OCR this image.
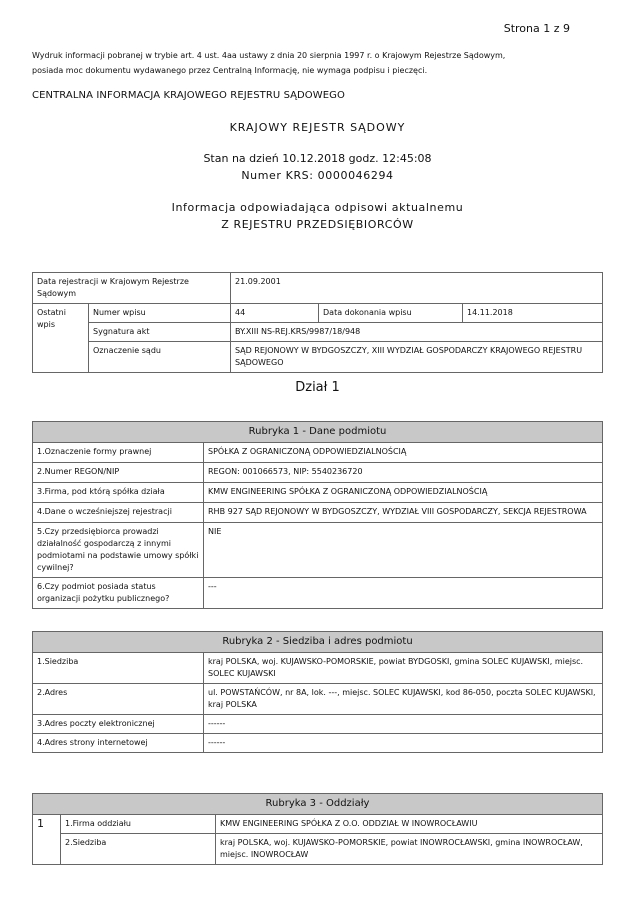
Strona 1 z 9
Wydruk informacji pobranej w trybie art. 4 ust. 4aa ustawy z dnia 20 sierpnia 1997 r. o Krajowym Rejestrze Sądowym,
posiada moc dokumentu wydawanego przez Centralną Informację, nie wymaga podpisu i pieczęci.
CENTRALNA INFORMACJA KRAJOWEGO REJESTRU SĄDOWEGO
KRAJOWY REJESTR SĄDOWY
Stan na dzień 10.12.2018 godz. 12:45:08
Numer KRS: 0000046294
Informacja odpowiadająca odpisowi aktualnemu
Z REJESTRU PRZEDSIĘBIORCÓW
Data rejestracji w Krajowym Rejestrze Sądowym		21.09.2001		
Ostatni wpis	Numer wpisu	44	Data dokonania wpisu	14.11.2018
	Sygnatura akt	BY.XIII NS-REJ.KRS/9987/18/948		
	Oznaczenie sądu	SĄD REJONOWY W BYDGOSZCZY, XIII WYDZIAŁ GOSPODARCZY KRAJOWEGO REJESTRU SĄDOWEGO		
Dział 1
Rubryka 1 - Dane podmiotu	
1.Oznaczenie formy prawnej	SPÓŁKA Z OGRANICZONĄ ODPOWIEDZIALNOŚCIĄ
2.Numer REGON/NIP	REGON: 001066573, NIP: 5540236720
3.Firma, pod którą spółka działa	KMW ENGINEERING SPÓŁKA Z OGRANICZONĄ ODPOWIEDZIALNOŚCIĄ
4.Dane o wcześniejszej rejestracji	RHB 927 SĄD REJONOWY W BYDGOSZCZY, WYDZIAŁ VIII GOSPODARCZY, SEKCJA REJESTROWA
5.Czy przedsiębiorca prowadzi działalność gospodarczą z innymi podmiotami na podstawie umowy spółki cywilnej?	NIE
6.Czy podmiot posiada status organizacji pożytku publicznego?	---
Rubryka 2 - Siedziba i adres podmiotu	
1.Siedziba	kraj POLSKA, woj. KUJAWSKO-POMORSKIE, powiat BYDGOSKI, gmina SOLEC KUJAWSKI, miejsc. SOLEC KUJAWSKI
2.Adres	ul. POWSTAŃCÓW, nr 8A, lok. ---, miejsc. SOLEC KUJAWSKI, kod 86-050, poczta SOLEC KUJAWSKI, kraj POLSKA
3.Adres poczty elektronicznej	------
4.Adres strony internetowej	------
Rubryka 3 - Oddziały		
1	1.Firma oddziału	KMW ENGINEERING SPÓŁKA Z O.O. ODDZIAŁ W INOWROCŁAWIU
	2.Siedziba	kraj POLSKA, woj. KUJAWSKO-POMORSKIE, powiat INOWROCŁAWSKI, gmina INOWROCŁAW, miejsc. INOWROCŁAW
